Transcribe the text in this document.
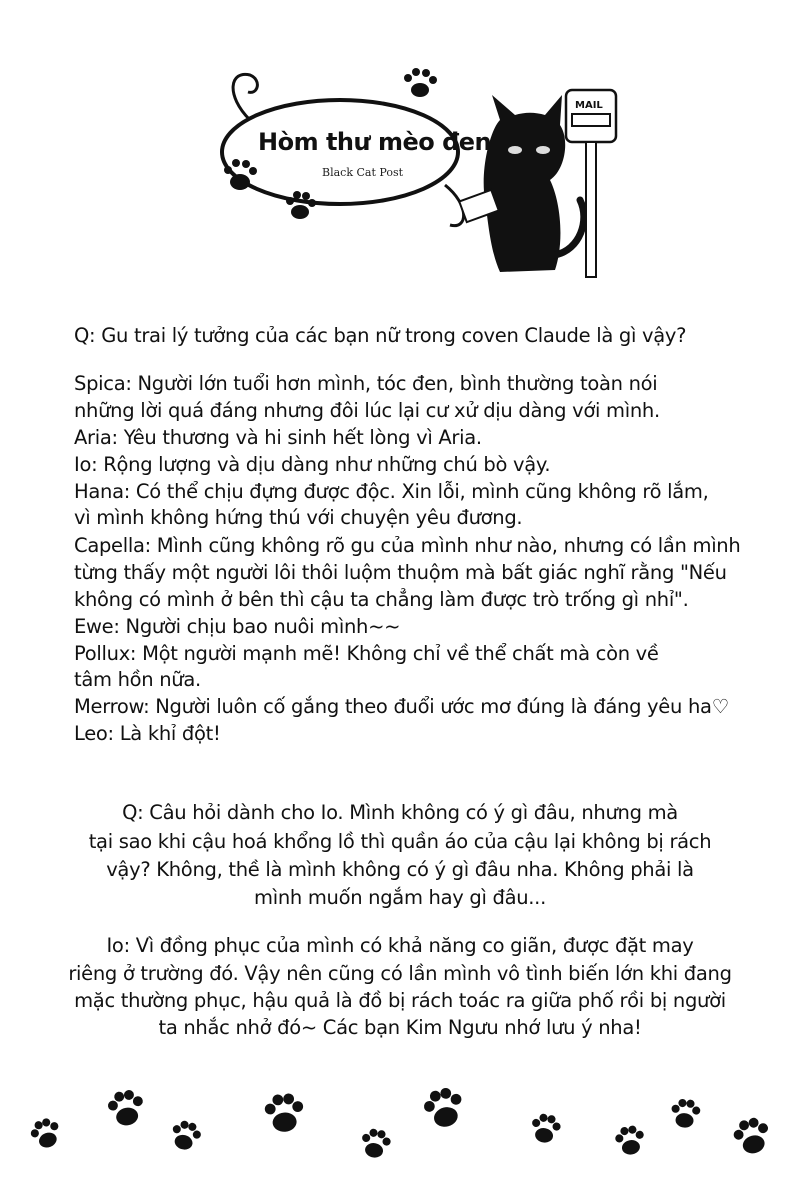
MAIL
Hòm thư mèo đen
Black Cat Post
Q: Gu trai lý tưởng của các bạn nữ trong coven Claude là gì vậy?
Spica: Người lớn tuổi hơn mình, tóc đen, bình thường toàn nói
những lời quá đáng nhưng đôi lúc lại cư xử dịu dàng với mình.
Aria: Yêu thương và hi sinh hết lòng vì Aria.
Io: Rộng lượng và dịu dàng như những chú bò vậy.
Hana: Có thể chịu đựng được độc. Xin lỗi, mình cũng không rõ lắm,
vì mình không hứng thú với chuyện yêu đương.
Capella: Mình cũng không rõ gu của mình như nào, nhưng có lần mình
từng thấy một người lôi thôi luộm thuộm mà bất giác nghĩ rằng "Nếu
không có mình ở bên thì cậu ta chẳng làm được trò trống gì nhỉ".
Ewe: Người chịu bao nuôi mình~~
Pollux: Một người mạnh mẽ! Không chỉ về thể chất mà còn về
tâm hồn nữa.
Merrow: Người luôn cố gắng theo đuổi ước mơ đúng là đáng yêu ha♡
Leo: Là khỉ đột!
Q: Câu hỏi dành cho Io. Mình không có ý gì đâu, nhưng mà
tại sao khi cậu hoá khổng lồ thì quần áo của cậu lại không bị rách
vậy? Không, thề là mình không có ý gì đâu nha. Không phải là
mình muốn ngắm hay gì đâu...
Io: Vì đồng phục của mình có khả năng co giãn, được đặt may
riêng ở trường đó. Vậy nên cũng có lần mình vô tình biến lớn khi đang
mặc thường phục, hậu quả là đồ bị rách toác ra giữa phố rồi bị người
ta nhắc nhở đó~ Các bạn Kim Ngưu nhớ lưu ý nha!
